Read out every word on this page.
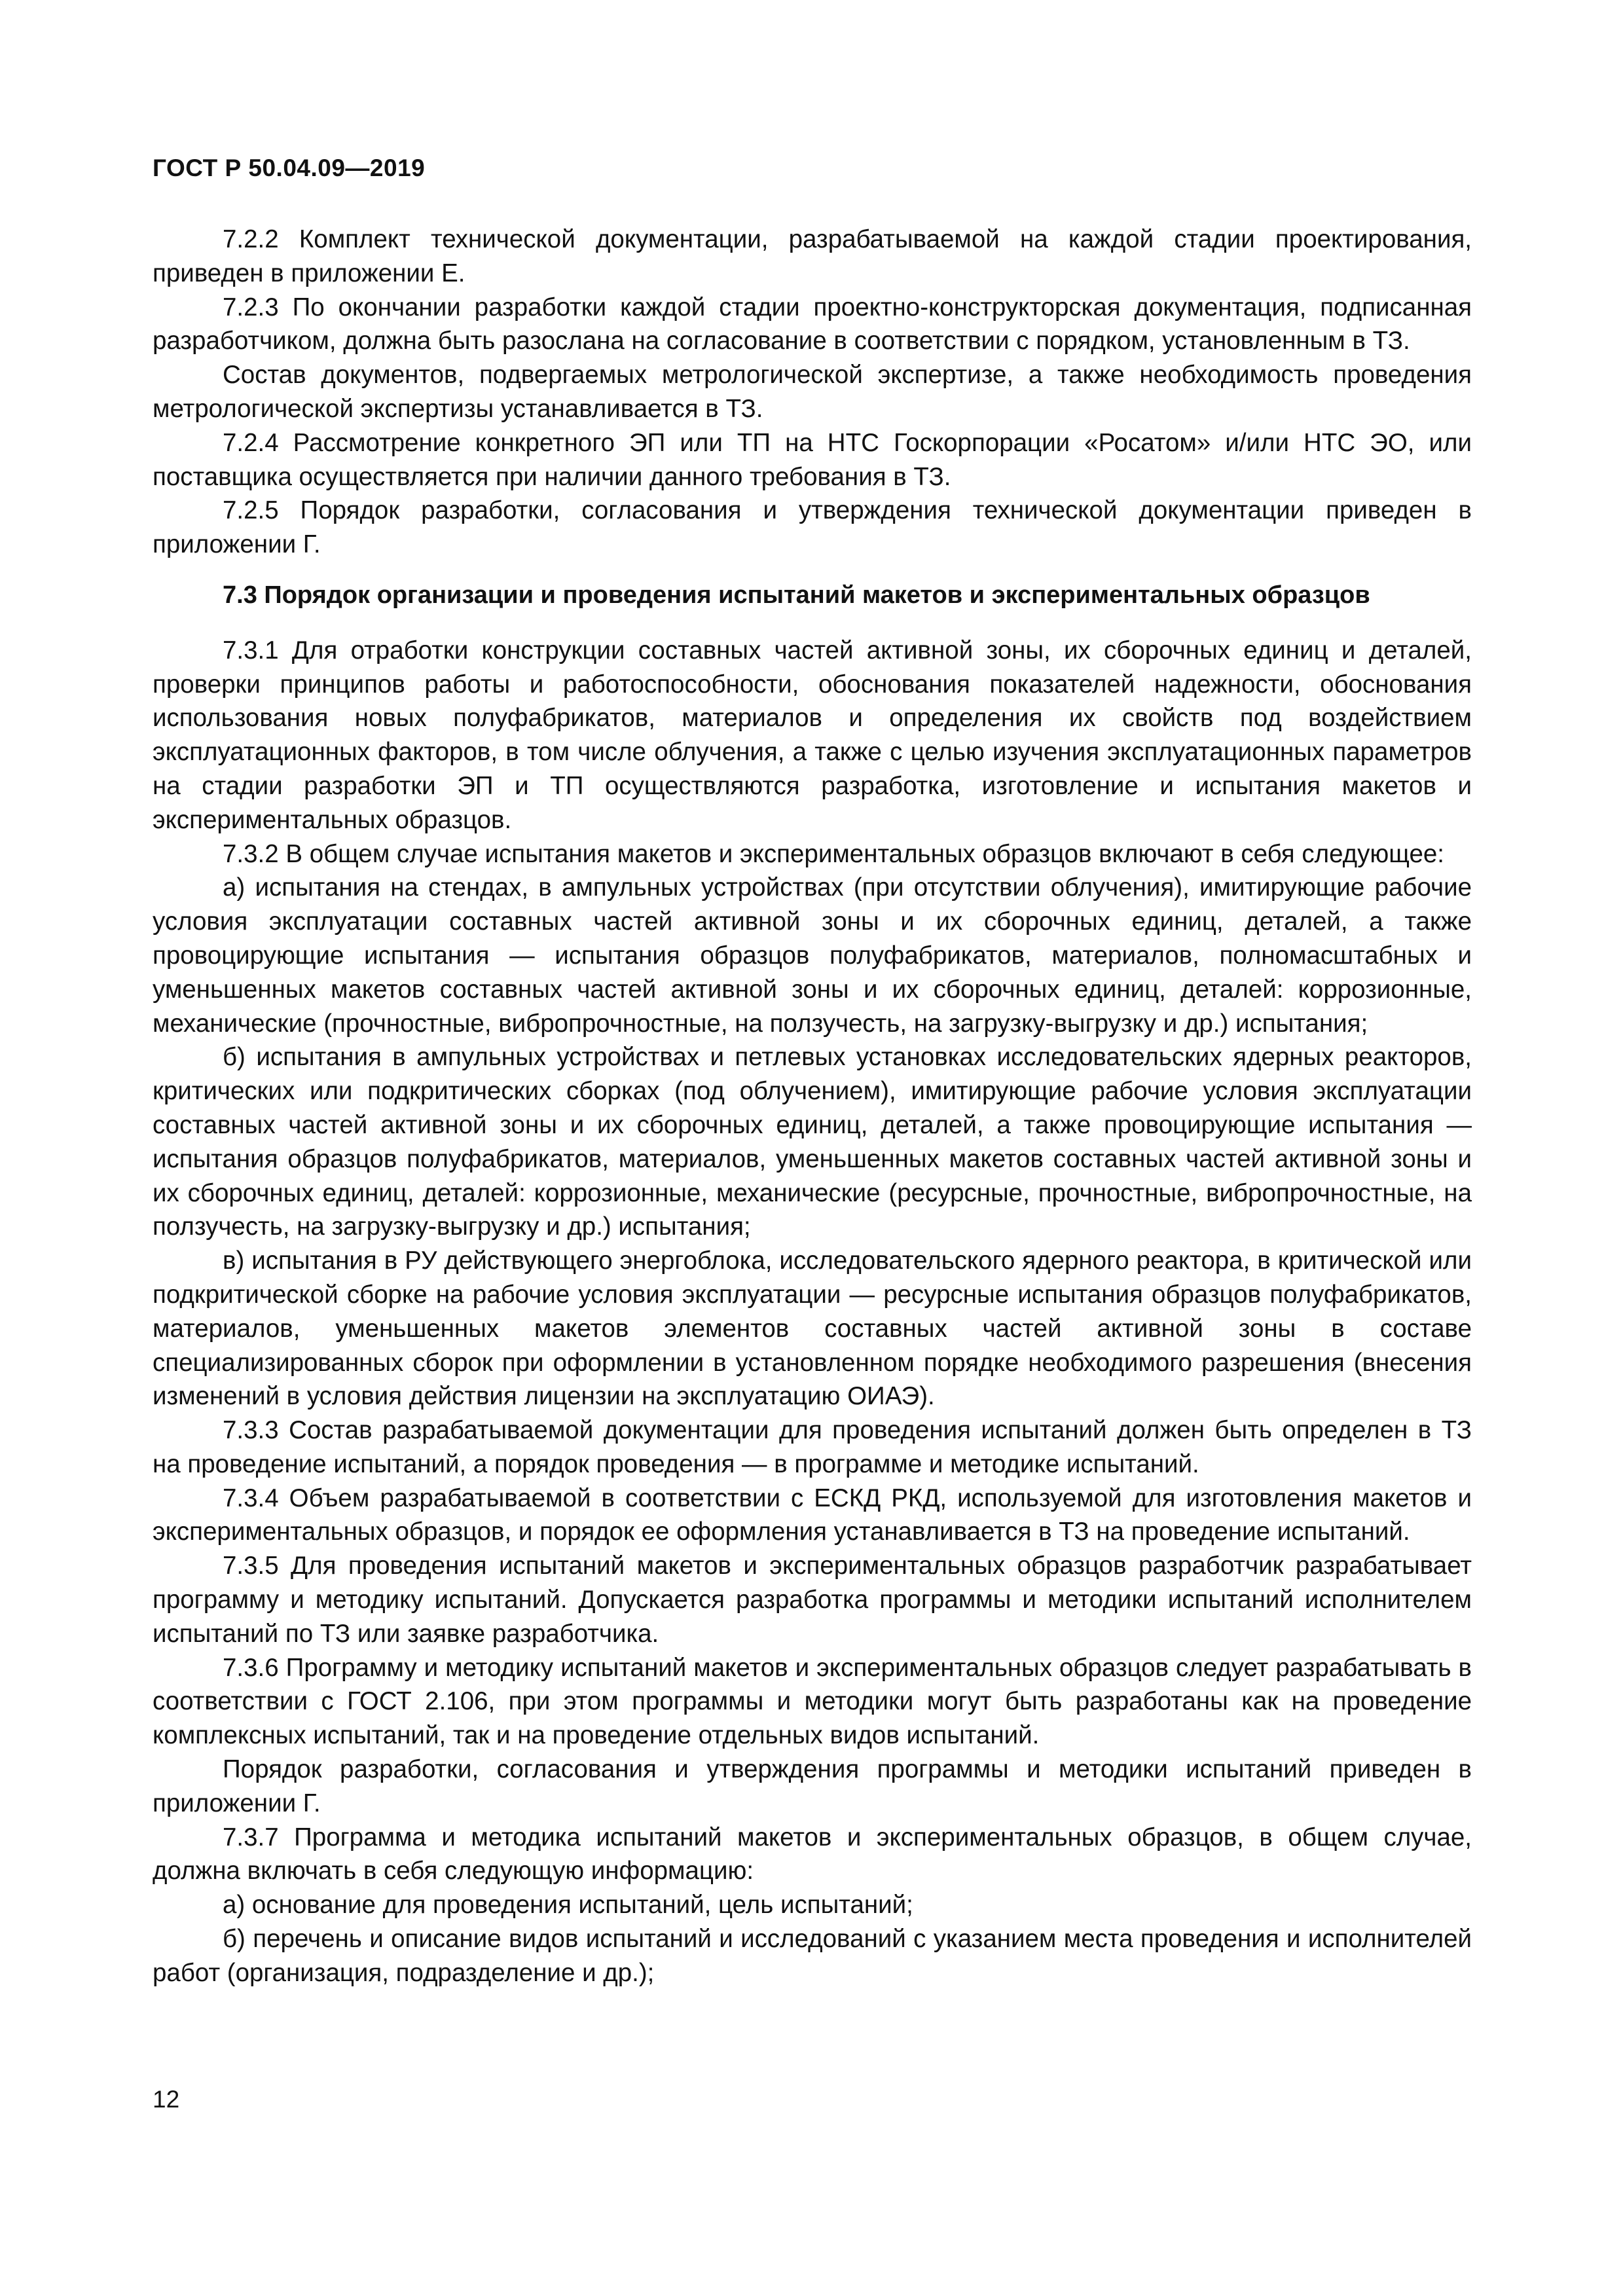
ГОСТ Р 50.04.09—2019

7.2.2 Комплект технической документации, разрабатываемой на каждой стадии проектирования, приведен в приложении Е.

7.2.3 По окончании разработки каждой стадии проектно-конструкторская документация, подписанная разработчиком, должна быть разослана на согласование в соответствии с порядком, установленным в ТЗ.

Состав документов, подвергаемых метрологической экспертизе, а также необходимость проведения метрологической экспертизы устанавливается в ТЗ.

7.2.4 Рассмотрение конкретного ЭП или ТП на НТС Госкорпорации «Росатом» и/или НТС ЭО, или поставщика осуществляется при наличии данного требования в ТЗ.

7.2.5 Порядок разработки, согласования и утверждения технической документации приведен в приложении Г.

7.3 Порядок организации и проведения испытаний макетов и экспериментальных образцов

7.3.1 Для отработки конструкции составных частей активной зоны, их сборочных единиц и деталей, проверки принципов работы и работоспособности, обоснования показателей надежности, обоснования использования новых полуфабрикатов, материалов и определения их свойств под воздействием эксплуатационных факторов, в том числе облучения, а также с целью изучения эксплуатационных параметров на стадии разработки ЭП и ТП осуществляются разработка, изготовление и испытания макетов и экспериментальных образцов.

7.3.2 В общем случае испытания макетов и экспериментальных образцов включают в себя следующее:

а) испытания на стендах, в ампульных устройствах (при отсутствии облучения), имитирующие рабочие условия эксплуатации составных частей активной зоны и их сборочных единиц, деталей, а также провоцирующие испытания — испытания образцов полуфабрикатов, материалов, полномасштабных и уменьшенных макетов составных частей активной зоны и их сборочных единиц, деталей: коррозионные, механические (прочностные, вибропрочностные, на ползучесть, на загрузку-выгрузку и др.) испытания;

б) испытания в ампульных устройствах и петлевых установках исследовательских ядерных реакторов, критических или подкритических сборках (под облучением), имитирующие рабочие условия эксплуатации составных частей активной зоны и их сборочных единиц, деталей, а также провоцирующие испытания — испытания образцов полуфабрикатов, материалов, уменьшенных макетов составных частей активной зоны и их сборочных единиц, деталей: коррозионные, механические (ресурсные, прочностные, вибропрочностные, на ползучесть, на загрузку-выгрузку и др.) испытания;

в) испытания в РУ действующего энергоблока, исследовательского ядерного реактора, в критической или подкритической сборке на рабочие условия эксплуатации — ресурсные испытания образцов полуфабрикатов, материалов, уменьшенных макетов элементов составных частей активной зоны в составе специализированных сборок при оформлении в установленном порядке необходимого разрешения (внесения изменений в условия действия лицензии на эксплуатацию ОИАЭ).

7.3.3 Состав разрабатываемой документации для проведения испытаний должен быть определен в ТЗ на проведение испытаний, а порядок проведения — в программе и методике испытаний.

7.3.4 Объем разрабатываемой в соответствии с ЕСКД РКД, используемой для изготовления макетов и экспериментальных образцов, и порядок ее оформления устанавливается в ТЗ на проведение испытаний.

7.3.5 Для проведения испытаний макетов и экспериментальных образцов разработчик разрабатывает программу и методику испытаний. Допускается разработка программы и методики испытаний исполнителем испытаний по ТЗ или заявке разработчика.

7.3.6 Программу и методику испытаний макетов и экспериментальных образцов следует разрабатывать в соответствии с ГОСТ 2.106, при этом программы и методики могут быть разработаны как на проведение комплексных испытаний, так и на проведение отдельных видов испытаний.

Порядок разработки, согласования и утверждения программы и методики испытаний приведен в приложении Г.

7.3.7 Программа и методика испытаний макетов и экспериментальных образцов, в общем случае, должна включать в себя следующую информацию:

а) основание для проведения испытаний, цель испытаний;

б) перечень и описание видов испытаний и исследований с указанием места проведения и исполнителей работ (организация, подразделение и др.);

12
